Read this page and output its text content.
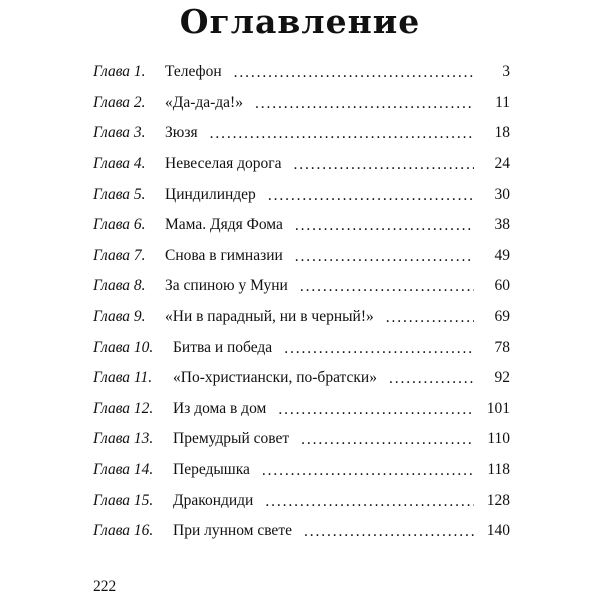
Оглавление
Глава 1.	Телефон . . .	3
Глава 2.	«Да-да-да!» . . .	11
Глава 3.	Зюзя . . .	18
Глава 4.	Невеселая дорога . . .	24
Глава 5.	Циндилиндер . . .	30
Глава 6.	Мама. Дядя Фома . . .	38
Глава 7.	Снова в гимназии . . .	49
Глава 8.	За спиною у Муни . . .	60
Глава 9.	«Ни в парадный, ни в черный!» . . .	69
Глава 10.	Битва и победа . . .	78
Глава 11.	«По-христиански, по-братски» . . .	92
Глава 12.	Из дома в дом . . .	101
Глава 13.	Премудрый совет . . .	110
Глава 14.	Передышка . . .	118
Глава 15.	Дракондиди . . .	128
Глава 16.	При лунном свете . . .	140
222
